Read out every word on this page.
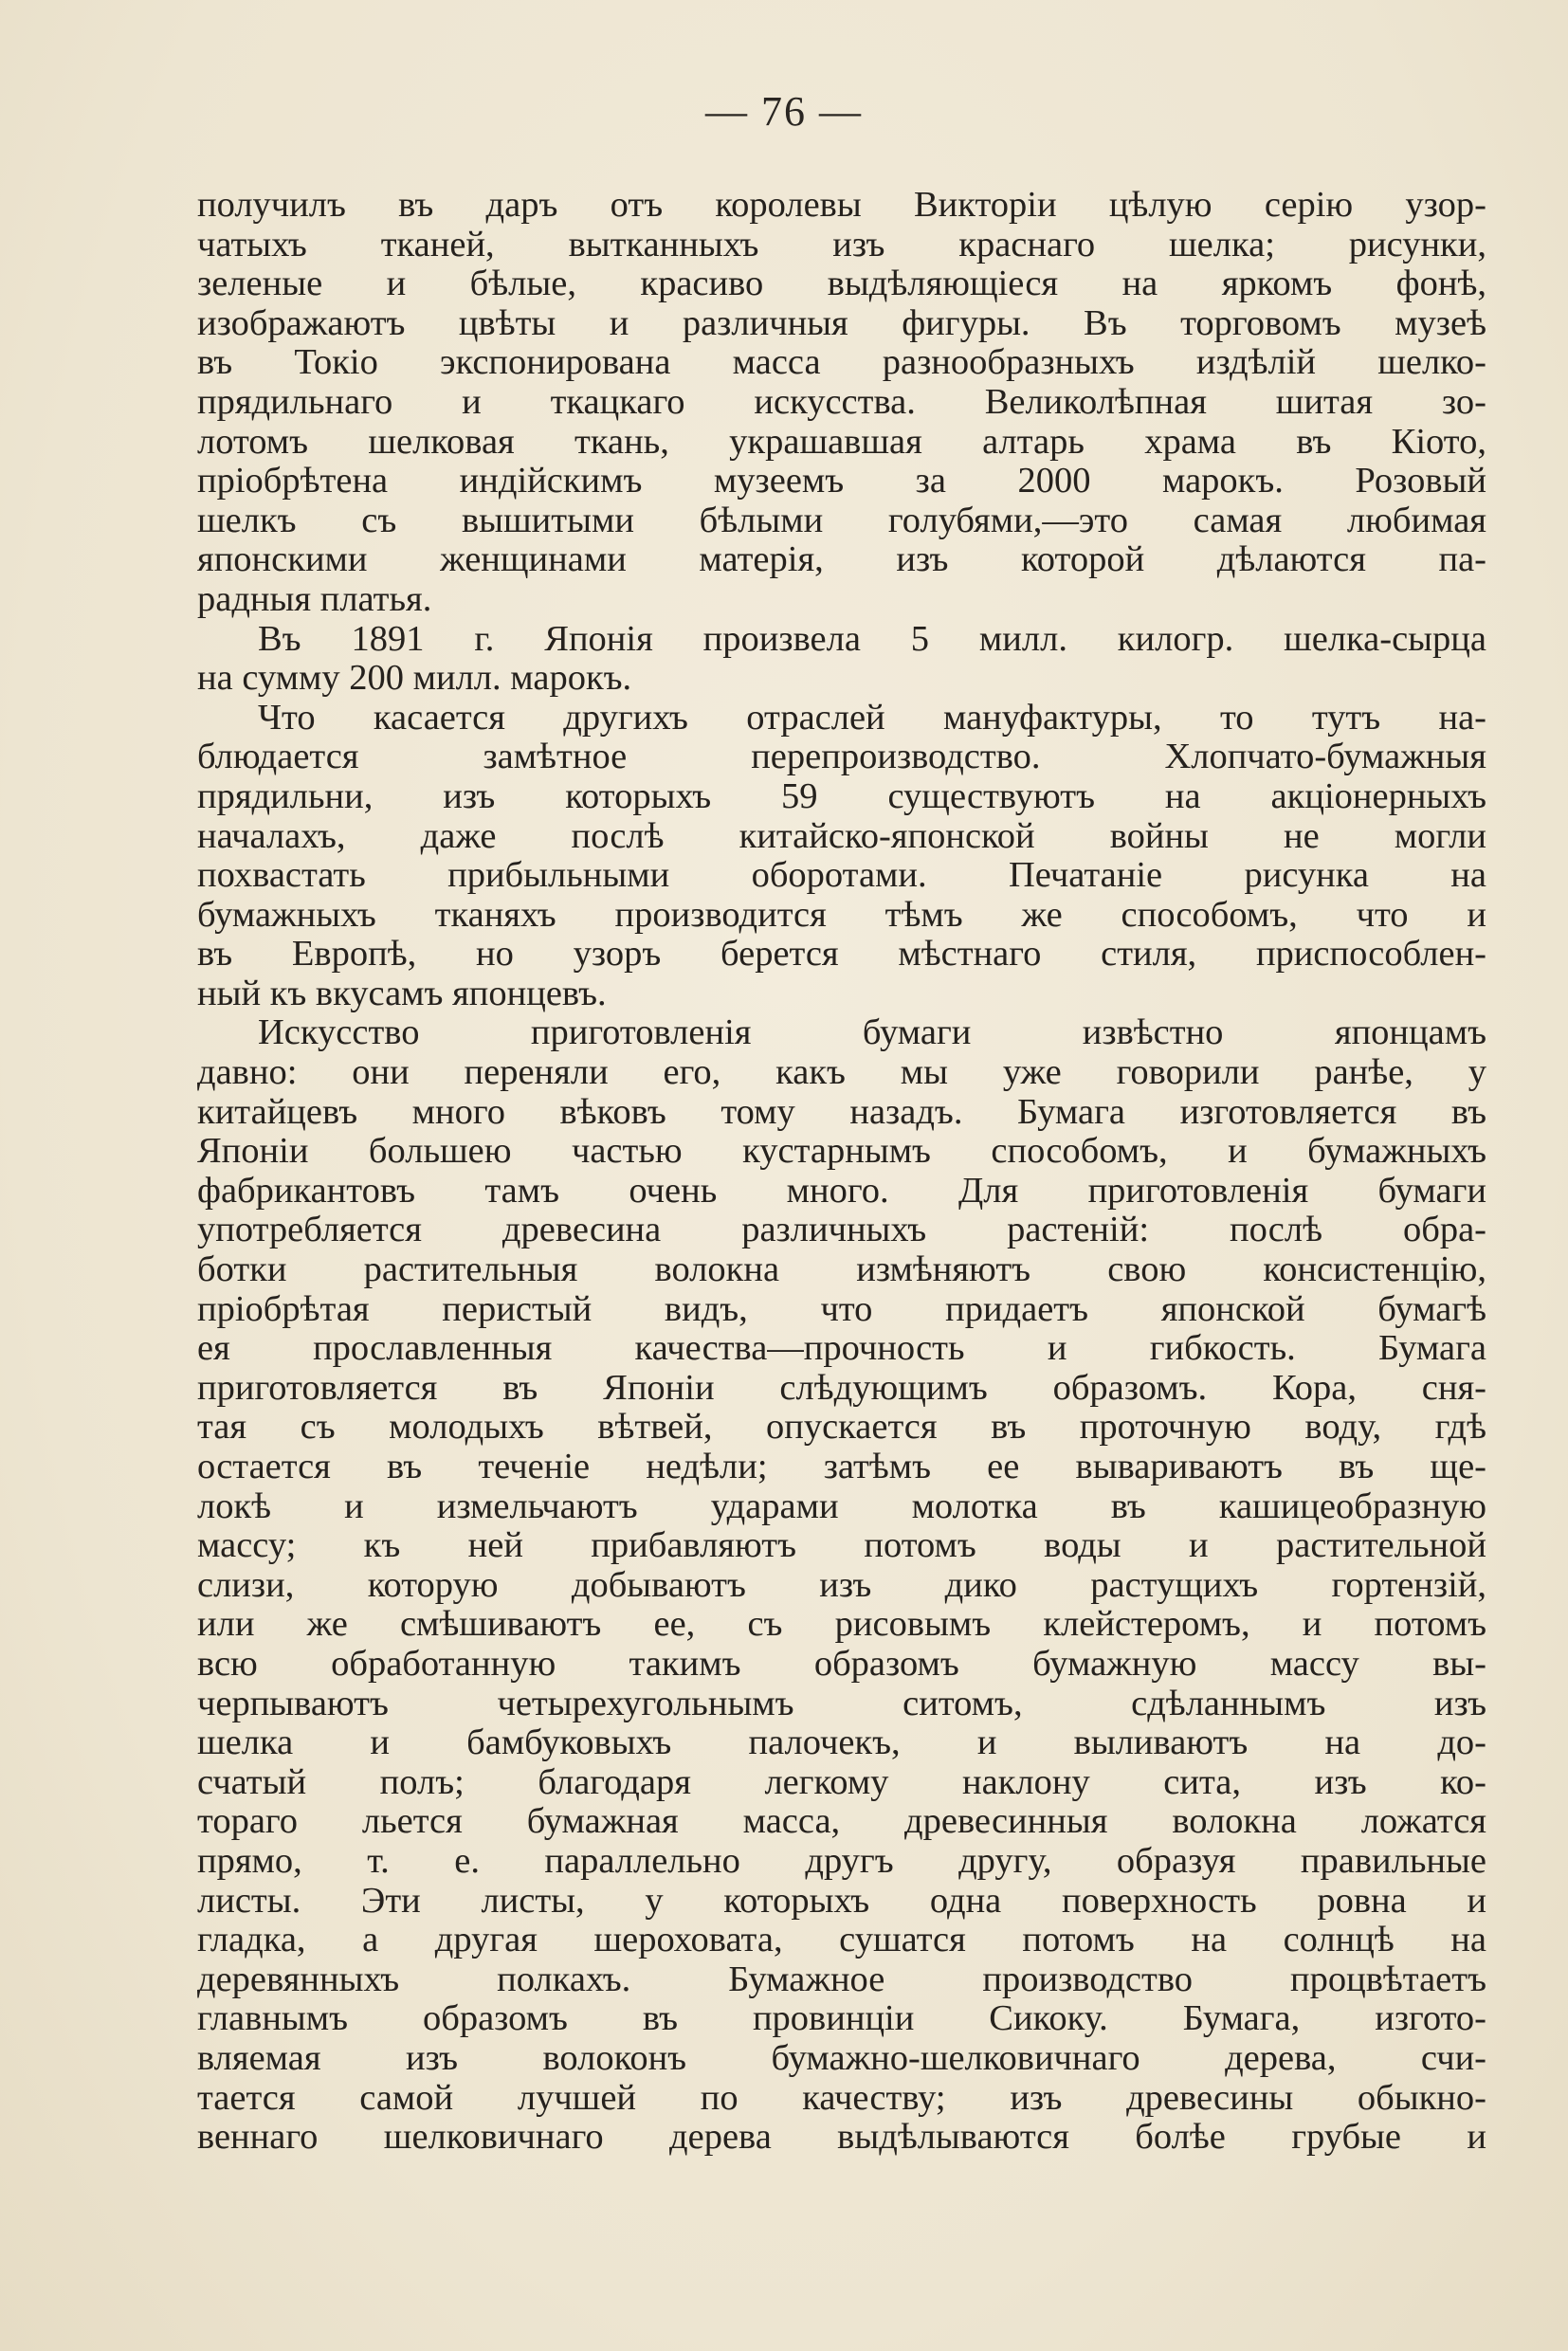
— 76 —
получилъ въ даръ отъ королевы Викторіи цѣлую серію узор-
чатыхъ тканей, вытканныхъ изъ краснаго шелка; рисунки,
зеленые и бѣлые, красиво выдѣляющіеся на яркомъ фонѣ,
изображаютъ цвѣты и различныя фигуры. Въ торговомъ музеѣ
въ Токіо экспонирована масса разнообразныхъ издѣлій шелко-
прядильнаго и ткацкаго искусства. Великолѣпная шитая зо-
лотомъ шелковая ткань, украшавшая алтарь храма въ Кіото,
пріобрѣтена индійскимъ музеемъ за 2000 марокъ. Розовый
шелкъ съ вышитыми бѣлыми голубями,—это самая любимая
японскими женщинами матерія, изъ которой дѣлаются па-
радныя платья.
Въ 1891 г. Японія произвела 5 милл. килогр. шелка-сырца
на сумму 200 милл. марокъ.
Что касается другихъ отраслей мануфактуры, то тутъ на-
блюдается замѣтное перепроизводство. Хлопчато-бумажныя
прядильни, изъ которыхъ 59 существуютъ на акціонерныхъ
началахъ, даже послѣ китайско-японской войны не могли
похвастать прибыльными оборотами. Печатаніе рисунка на
бумажныхъ тканяхъ производится тѣмъ же способомъ, что и
въ Европѣ, но узоръ берется мѣстнаго стиля, приспособлен-
ный къ вкусамъ японцевъ.
Искусство приготовленія бумаги извѣстно японцамъ
давно: они переняли его, какъ мы уже говорили ранѣе, у
китайцевъ много вѣковъ тому назадъ. Бумага изготовляется въ
Японіи большею частью кустарнымъ способомъ, и бумажныхъ
фабрикантовъ тамъ очень много. Для приготовленія бумаги
употребляется древесина различныхъ растеній: послѣ обра-
ботки растительныя волокна измѣняютъ свою консистенцію,
пріобрѣтая перистый видъ, что придаетъ японской бумагѣ
ея прославленныя качества—прочность и гибкость. Бумага
приготовляется въ Японіи слѣдующимъ образомъ. Кора, сня-
тая съ молодыхъ вѣтвей, опускается въ проточную воду, гдѣ
остается въ теченіе недѣли; затѣмъ ее вывариваютъ въ ще-
локѣ и измельчаютъ ударами молотка въ кашицеобразную
массу; къ ней прибавляютъ потомъ воды и растительной
слизи, которую добываютъ изъ дико растущихъ гортензій,
или же смѣшиваютъ ее, съ рисовымъ клейстеромъ, и потомъ
всю обработанную такимъ образомъ бумажную массу вы-
черпываютъ четырехугольнымъ ситомъ, сдѣланнымъ изъ
шелка и бамбуковыхъ палочекъ, и выливаютъ на до-
счатый полъ; благодаря легкому наклону сита, изъ ко-
тораго льется бумажная масса, древесинныя волокна ложатся
прямо, т. е. параллельно другъ другу, образуя правильные
листы. Эти листы, у которыхъ одна поверхность ровна и
гладка, а другая шероховата, сушатся потомъ на солнцѣ на
деревянныхъ полкахъ. Бумажное производство процвѣтаетъ
главнымъ образомъ въ провинціи Сикоку. Бумага, изгото-
вляемая изъ волоконъ бумажно-шелковичнаго дерева, счи-
тается самой лучшей по качеству; изъ древесины обыкно-
веннаго шелковичнаго дерева выдѣлываются болѣе грубые и
